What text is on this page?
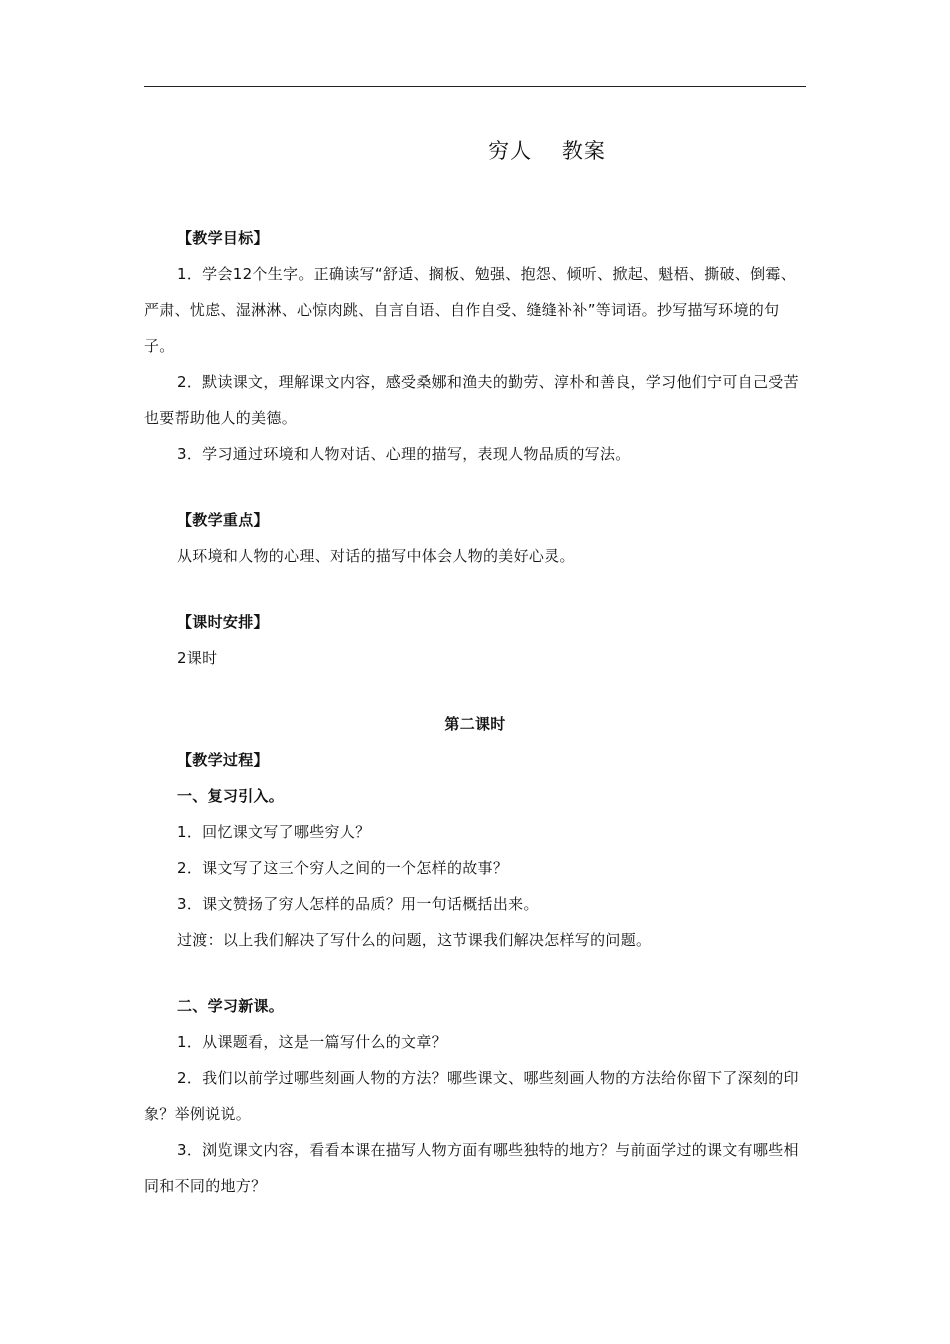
穷人　 教案

【教学目标】

1．学会12个生字。正确读写“舒适、搁板、勉强、抱怨、倾听、掀起、魁梧、撕破、倒霉、严肃、忧虑、湿淋淋、心惊肉跳、自言自语、自作自受、缝缝补补”等词语。抄写描写环境的句子。

2．默读课文，理解课文内容，感受桑娜和渔夫的勤劳、淳朴和善良，学习他们宁可自己受苦也要帮助他人的美德。

3．学习通过环境和人物对话、心理的描写，表现人物品质的写法。

【教学重点】

从环境和人物的心理、对话的描写中体会人物的美好心灵。

【课时安排】

2课时

第二课时

【教学过程】

一、复习引入。

1．回忆课文写了哪些穷人？

2．课文写了这三个穷人之间的一个怎样的故事？

3．课文赞扬了穷人怎样的品质？用一句话概括出来。

过渡：以上我们解决了写什么的问题，这节课我们解决怎样写的问题。

二、学习新课。

1．从课题看，这是一篇写什么的文章？

2．我们以前学过哪些刻画人物的方法？哪些课文、哪些刻画人物的方法给你留下了深刻的印象？举例说说。

3．浏览课文内容，看看本课在描写人物方面有哪些独特的地方？与前面学过的课文有哪些相同和不同的地方？
